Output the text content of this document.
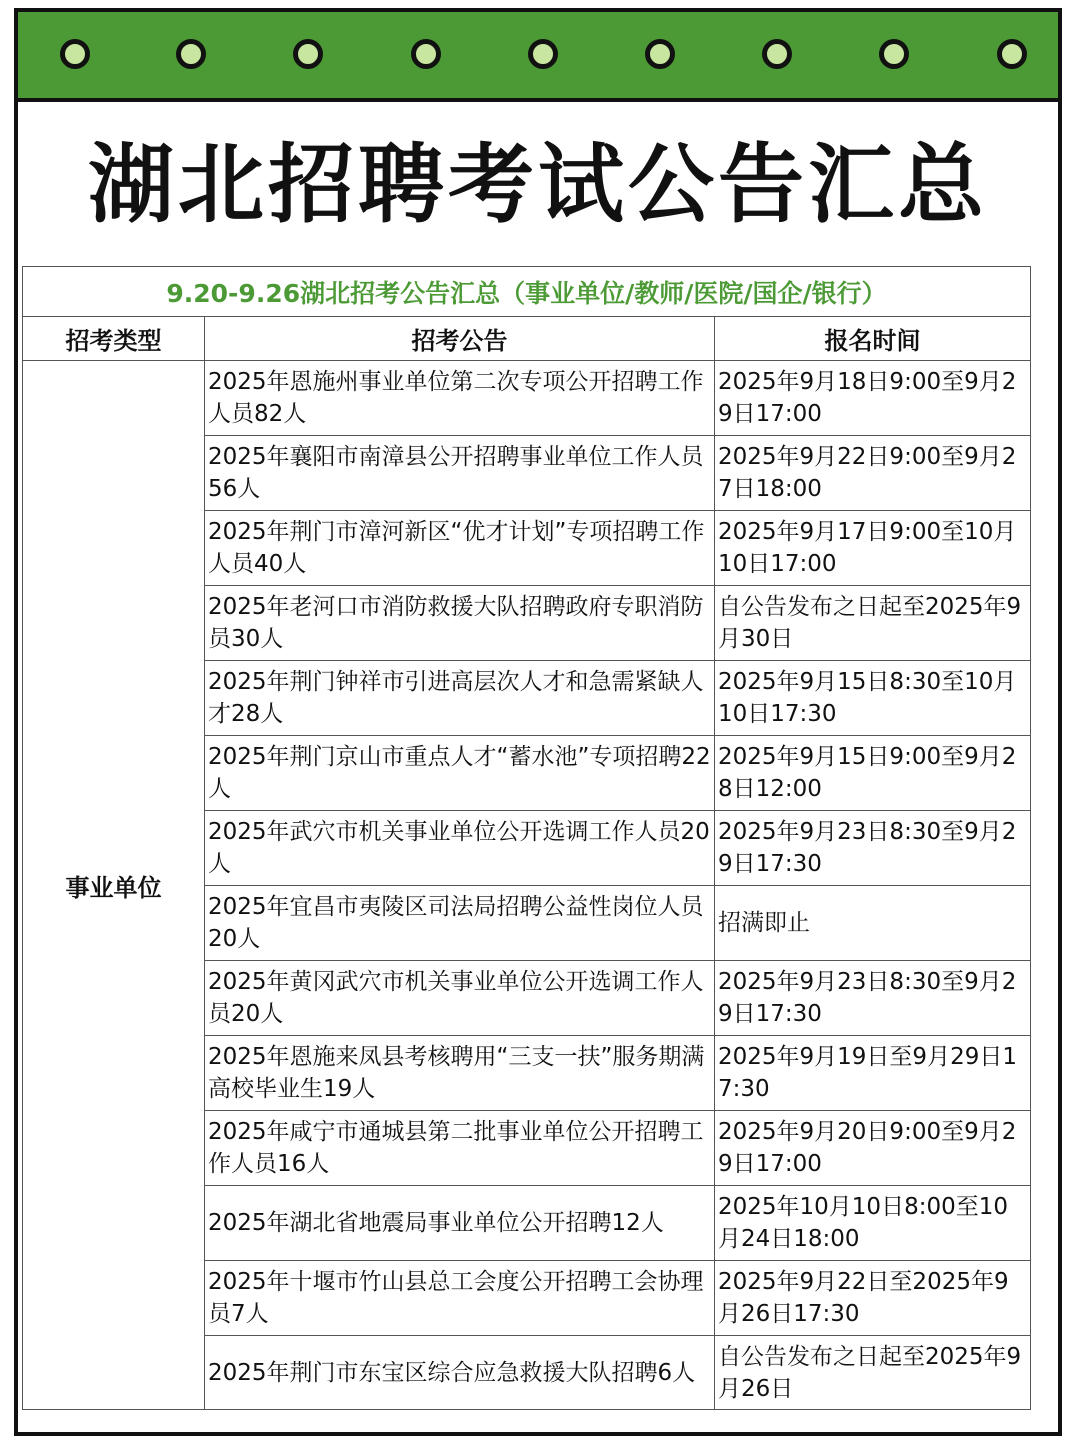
湖北招聘考试公告汇总
9.20-9.26湖北招考公告汇总（事业单位/教师/医院/国企/银行）		
招考类型	招考公告	报名时间
事业单位	2025年恩施州事业单位第二次专项公开招聘工作人员82人	2025年9月18日9:00至9月29日17:00
	2025年襄阳市南漳县公开招聘事业单位工作人员56人	2025年9月22日9:00至9月27日18:00
	2025年荆门市漳河新区“优才计划”专项招聘工作人员40人	2025年9月17日9:00至10月10日17:00
	2025年老河口市消防救援大队招聘政府专职消防员30人	自公告发布之日起至2025年9月30日
	2025年荆门钟祥市引进高层次人才和急需紧缺人才28人	2025年9月15日8:30至10月10日17:30
	2025年荆门京山市重点人才“蓄水池”专项招聘22人	2025年9月15日9:00至9月28日12:00
	2025年武穴市机关事业单位公开选调工作人员20人	2025年9月23日8:30至9月29日17:30
	2025年宜昌市夷陵区司法局招聘公益性岗位人员20人	招满即止
	2025年黄冈武穴市机关事业单位公开选调工作人员20人	2025年9月23日8:30至9月29日17:30
	2025年恩施来凤县考核聘用“三支一扶”服务期满高校毕业生19人	2025年9月19日至9月29日17:30
	2025年咸宁市通城县第二批事业单位公开招聘工作人员16人	2025年9月20日9:00至9月29日17:00
	2025年湖北省地震局事业单位公开招聘12人	2025年10月10日8:00至10月24日18:00
	2025年十堰市竹山县总工会度公开招聘工会协理员7人	2025年9月22日至2025年9月26日17:30
	2025年荆门市东宝区综合应急救援大队招聘6人	自公告发布之日起至2025年9月26日
